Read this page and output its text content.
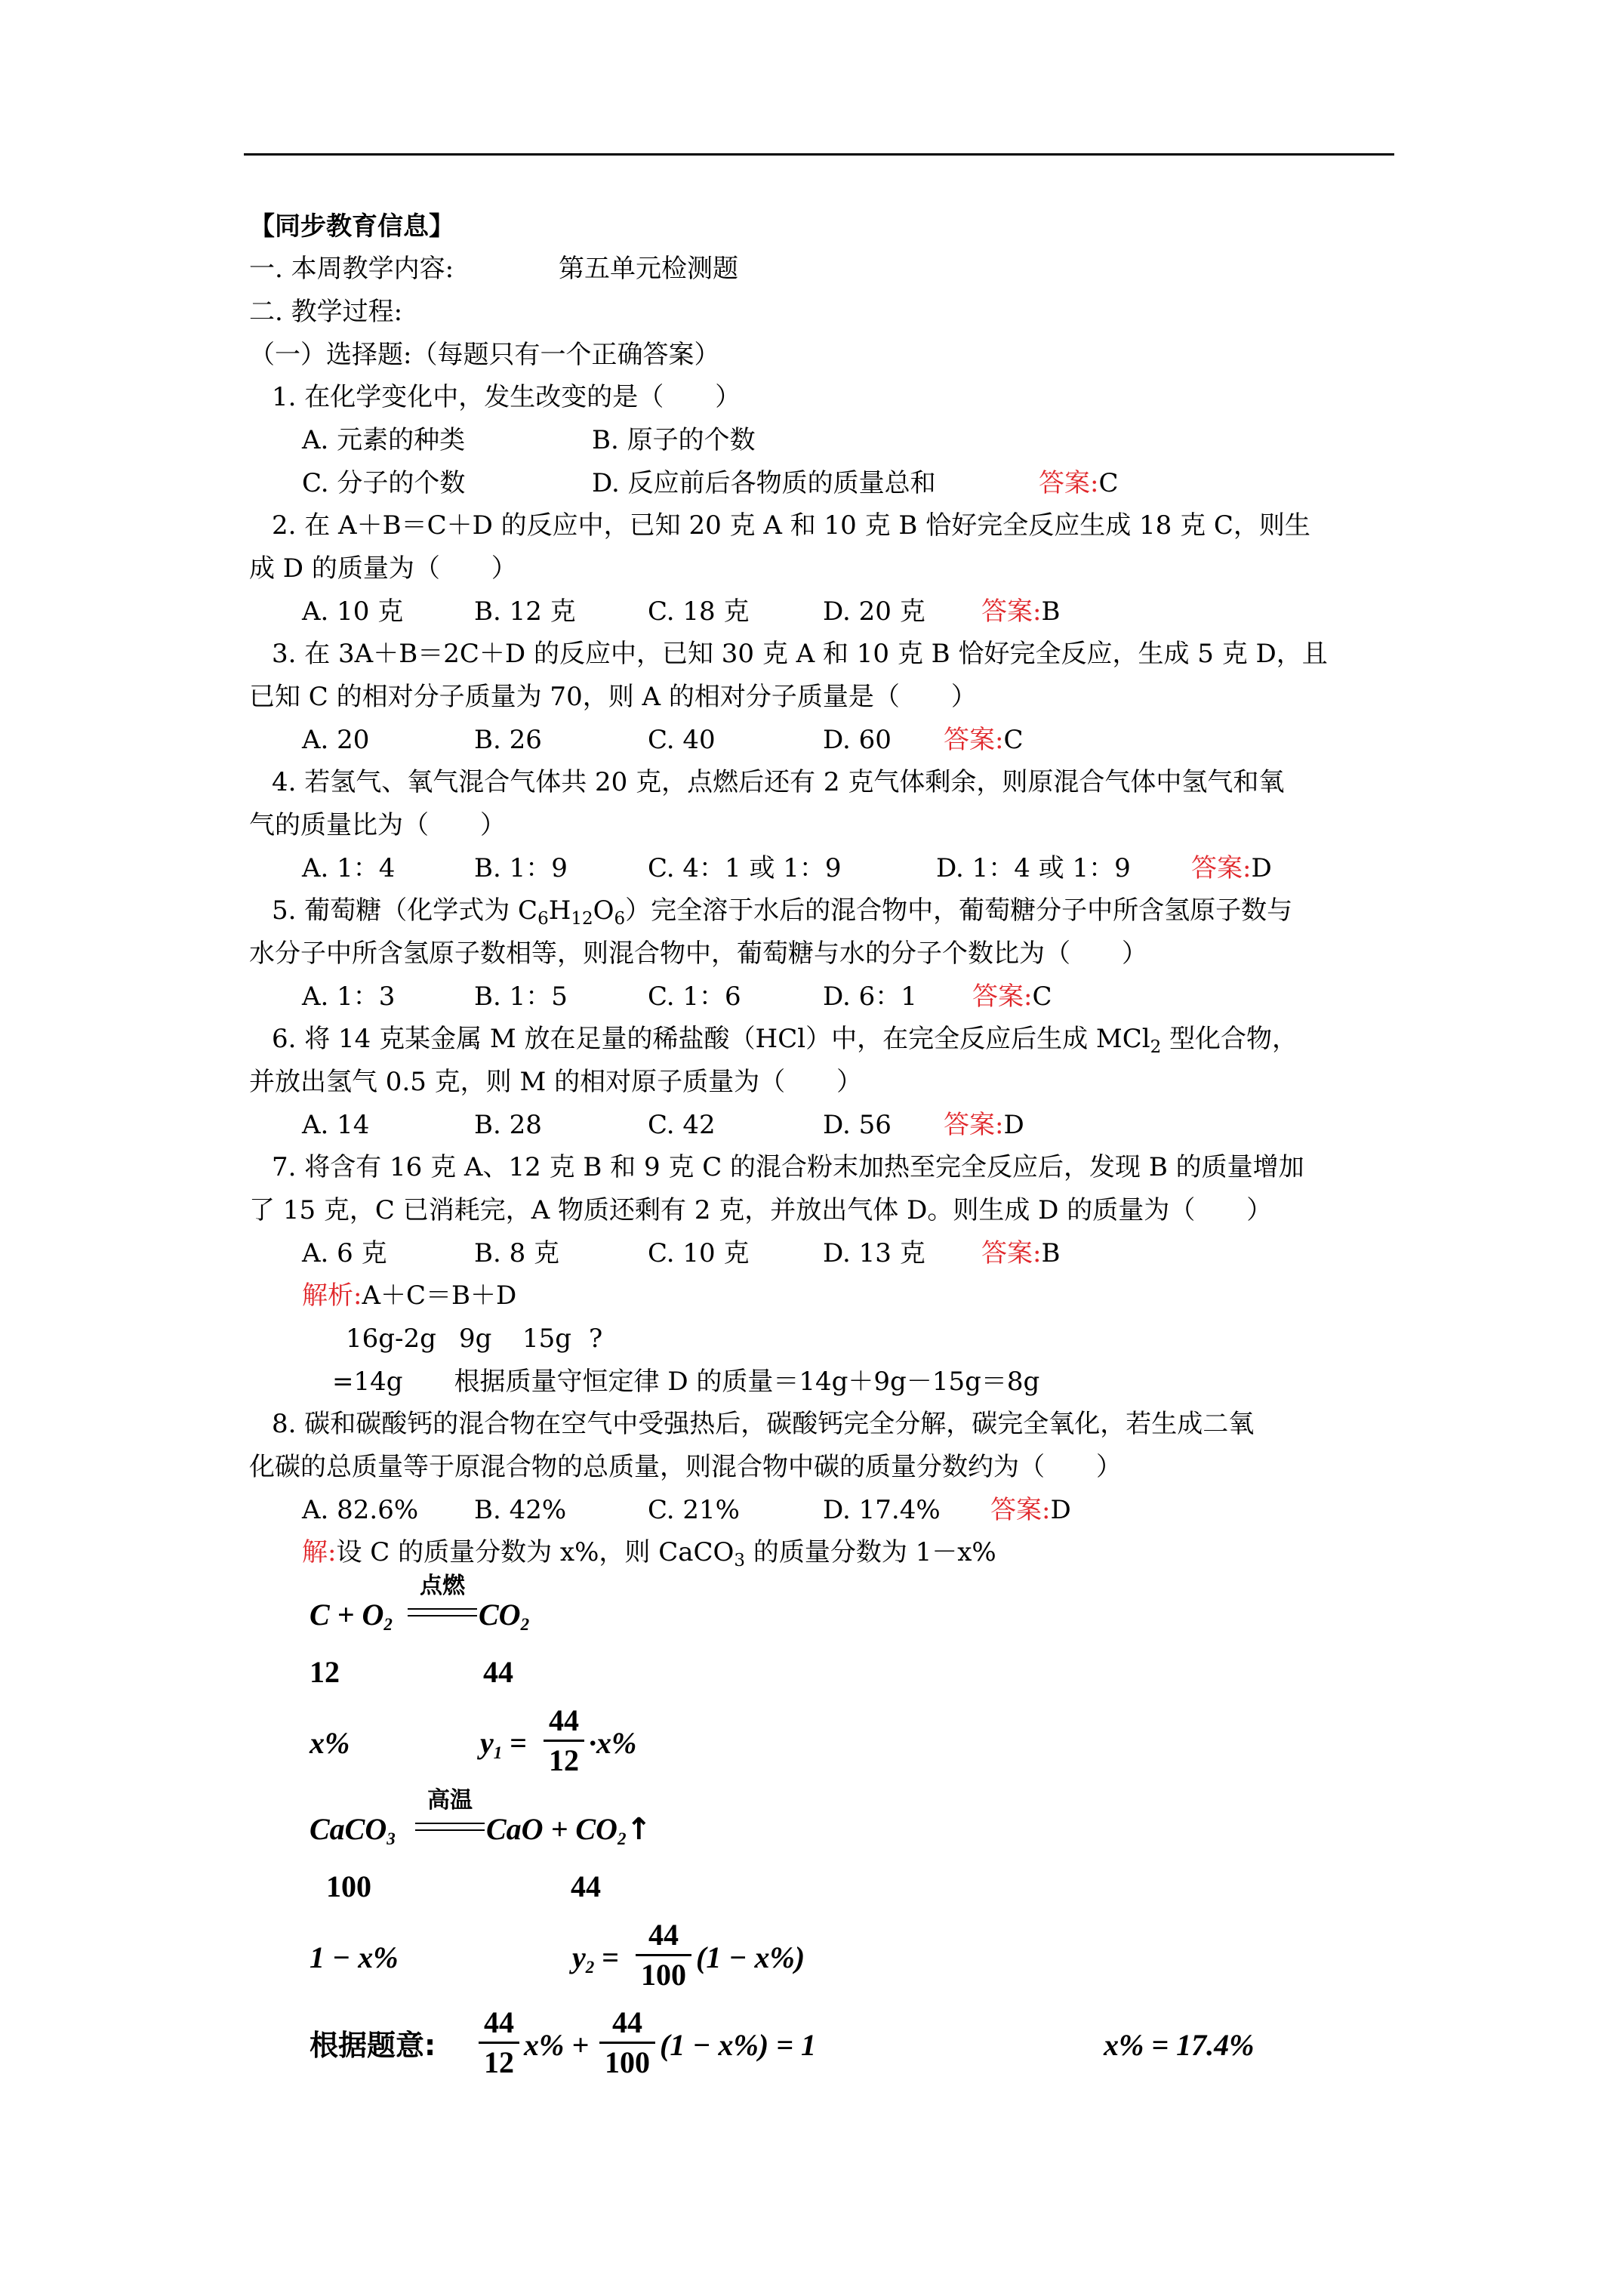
【同步教育信息】
一. 本周教学内容:	第五单元检测题
二. 教学过程:
（一）选择题:（每题只有一个正确答案）
1. 在化学变化中，发生改变的是（　　）
A. 元素的种类	B. 原子的个数
C. 分子的个数	D. 反应前后各物质的质量总和	答案:C
2. 在 A＋B＝C＋D 的反应中，已知 20 克 A 和 10 克 B 恰好完全反应生成 18 克 C，则生
成 D 的质量为（　　）
A. 10 克	B. 12 克	C. 18 克	D. 20 克 答案:B
3. 在 3A＋B＝2C＋D 的反应中，已知 30 克 A 和 10 克 B 恰好完全反应，生成 5 克 D，且
已知 C 的相对分子质量为 70，则 A 的相对分子质量是（　　）
A. 20	B. 26	C. 40	D. 60 答案:C
4. 若氢气、氧气混合气体共 20 克，点燃后还有 2 克气体剩余，则原混合气体中氢气和氧
气的质量比为（　　）
A. 1：4	B. 1：9	C. 4：1 或 1：9	D. 1：4 或 1：9 答案:D
5. 葡萄糖（化学式为 $C_6H_{12}O_6$）完全溶于水后的混合物中，葡萄糖分子中所含氢原子数与
水分子中所含氢原子数相等，则混合物中，葡萄糖与水的分子个数比为（　　）
A. 1：3	B. 1：5	C. 1：6	D. 6：1 答案:C
6. 将 14 克某金属 M 放在足量的稀盐酸（HCl）中，在完全反应后生成 MCl$_2$ 型化合物，
并放出氢气 0.5 克，则 M 的相对原子质量为（　　）
A. 14	B. 28	C. 42	D. 56 答案:D
7. 将含有 16 克 A、12 克 B 和 9 克 C 的混合粉末加热至完全反应后，发现 B 的质量增加
了 15 克，C 已消耗完，A 物质还剩有 2 克，并放出气体 D。则生成 D 的质量为（　　）
A. 6 克	B. 8 克	C. 10 克	D. 13 克 答案:B
解析:A＋C＝B＋D
16g-2g 9g 15g ?
=14g　　根据质量守恒定律 D 的质量＝14g＋9g－15g＝8g
8. 碳和碳酸钙的混合物在空气中受强热后，碳酸钙完全分解，碳完全氧化，若生成二氧
化碳的总质量等于原混合物的总质量，则混合物中碳的质量分数约为（　　）
A. 82.6% B. 42%	C. 21%	D. 17.4% 答案:D
解:设 C 的质量分数为 x%，则 CaCO$_3$ 的质量分数为 1－x%
$C + O_2$
点燃
$CO_2$
12	44
x%	$y_1$ =
44
12
·x%
CaCO$_3$
高温
CaO + $CO_2↑$
100	44
1 − x%	$y_2$ =
44
100
(1 − x%)
根据题意:
44
12
x% +
44
100
(1 − x%) = 1	x% = 17.4%
